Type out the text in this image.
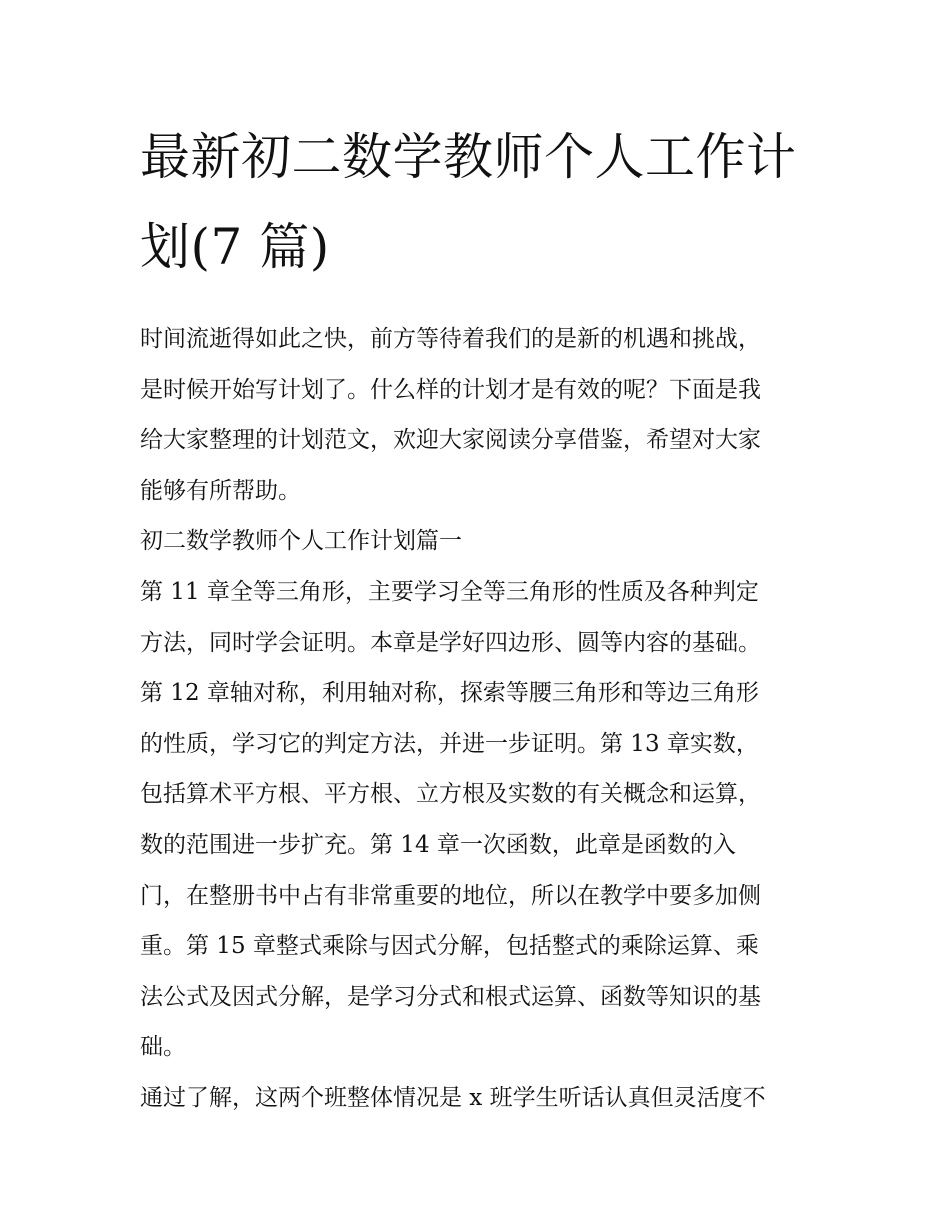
最新初二数学教师个人工作计
划(7 篇)

时间流逝得如此之快，前方等待着我们的是新的机遇和挑战，
是时候开始写计划了。什么样的计划才是有效的呢？下面是我
给大家整理的计划范文，欢迎大家阅读分享借鉴，希望对大家
能够有所帮助。

初二数学教师个人工作计划篇一

第 11 章全等三角形，主要学习全等三角形的性质及各种判定
方法，同时学会证明。本章是学好四边形、圆等内容的基础。
第 12 章轴对称，利用轴对称，探索等腰三角形和等边三角形
的性质，学习它的判定方法，并进一步证明。第 13 章实数，
包括算术平方根、平方根、立方根及实数的有关概念和运算，
数的范围进一步扩充。第 14 章一次函数，此章是函数的入
门，在整册书中占有非常重要的地位，所以在教学中要多加侧
重。第 15 章整式乘除与因式分解，包括整式的乘除运算、乘
法公式及因式分解，是学习分式和根式运算、函数等知识的基
础。

通过了解，这两个班整体情况是 x 班学生听话认真但灵活度不
